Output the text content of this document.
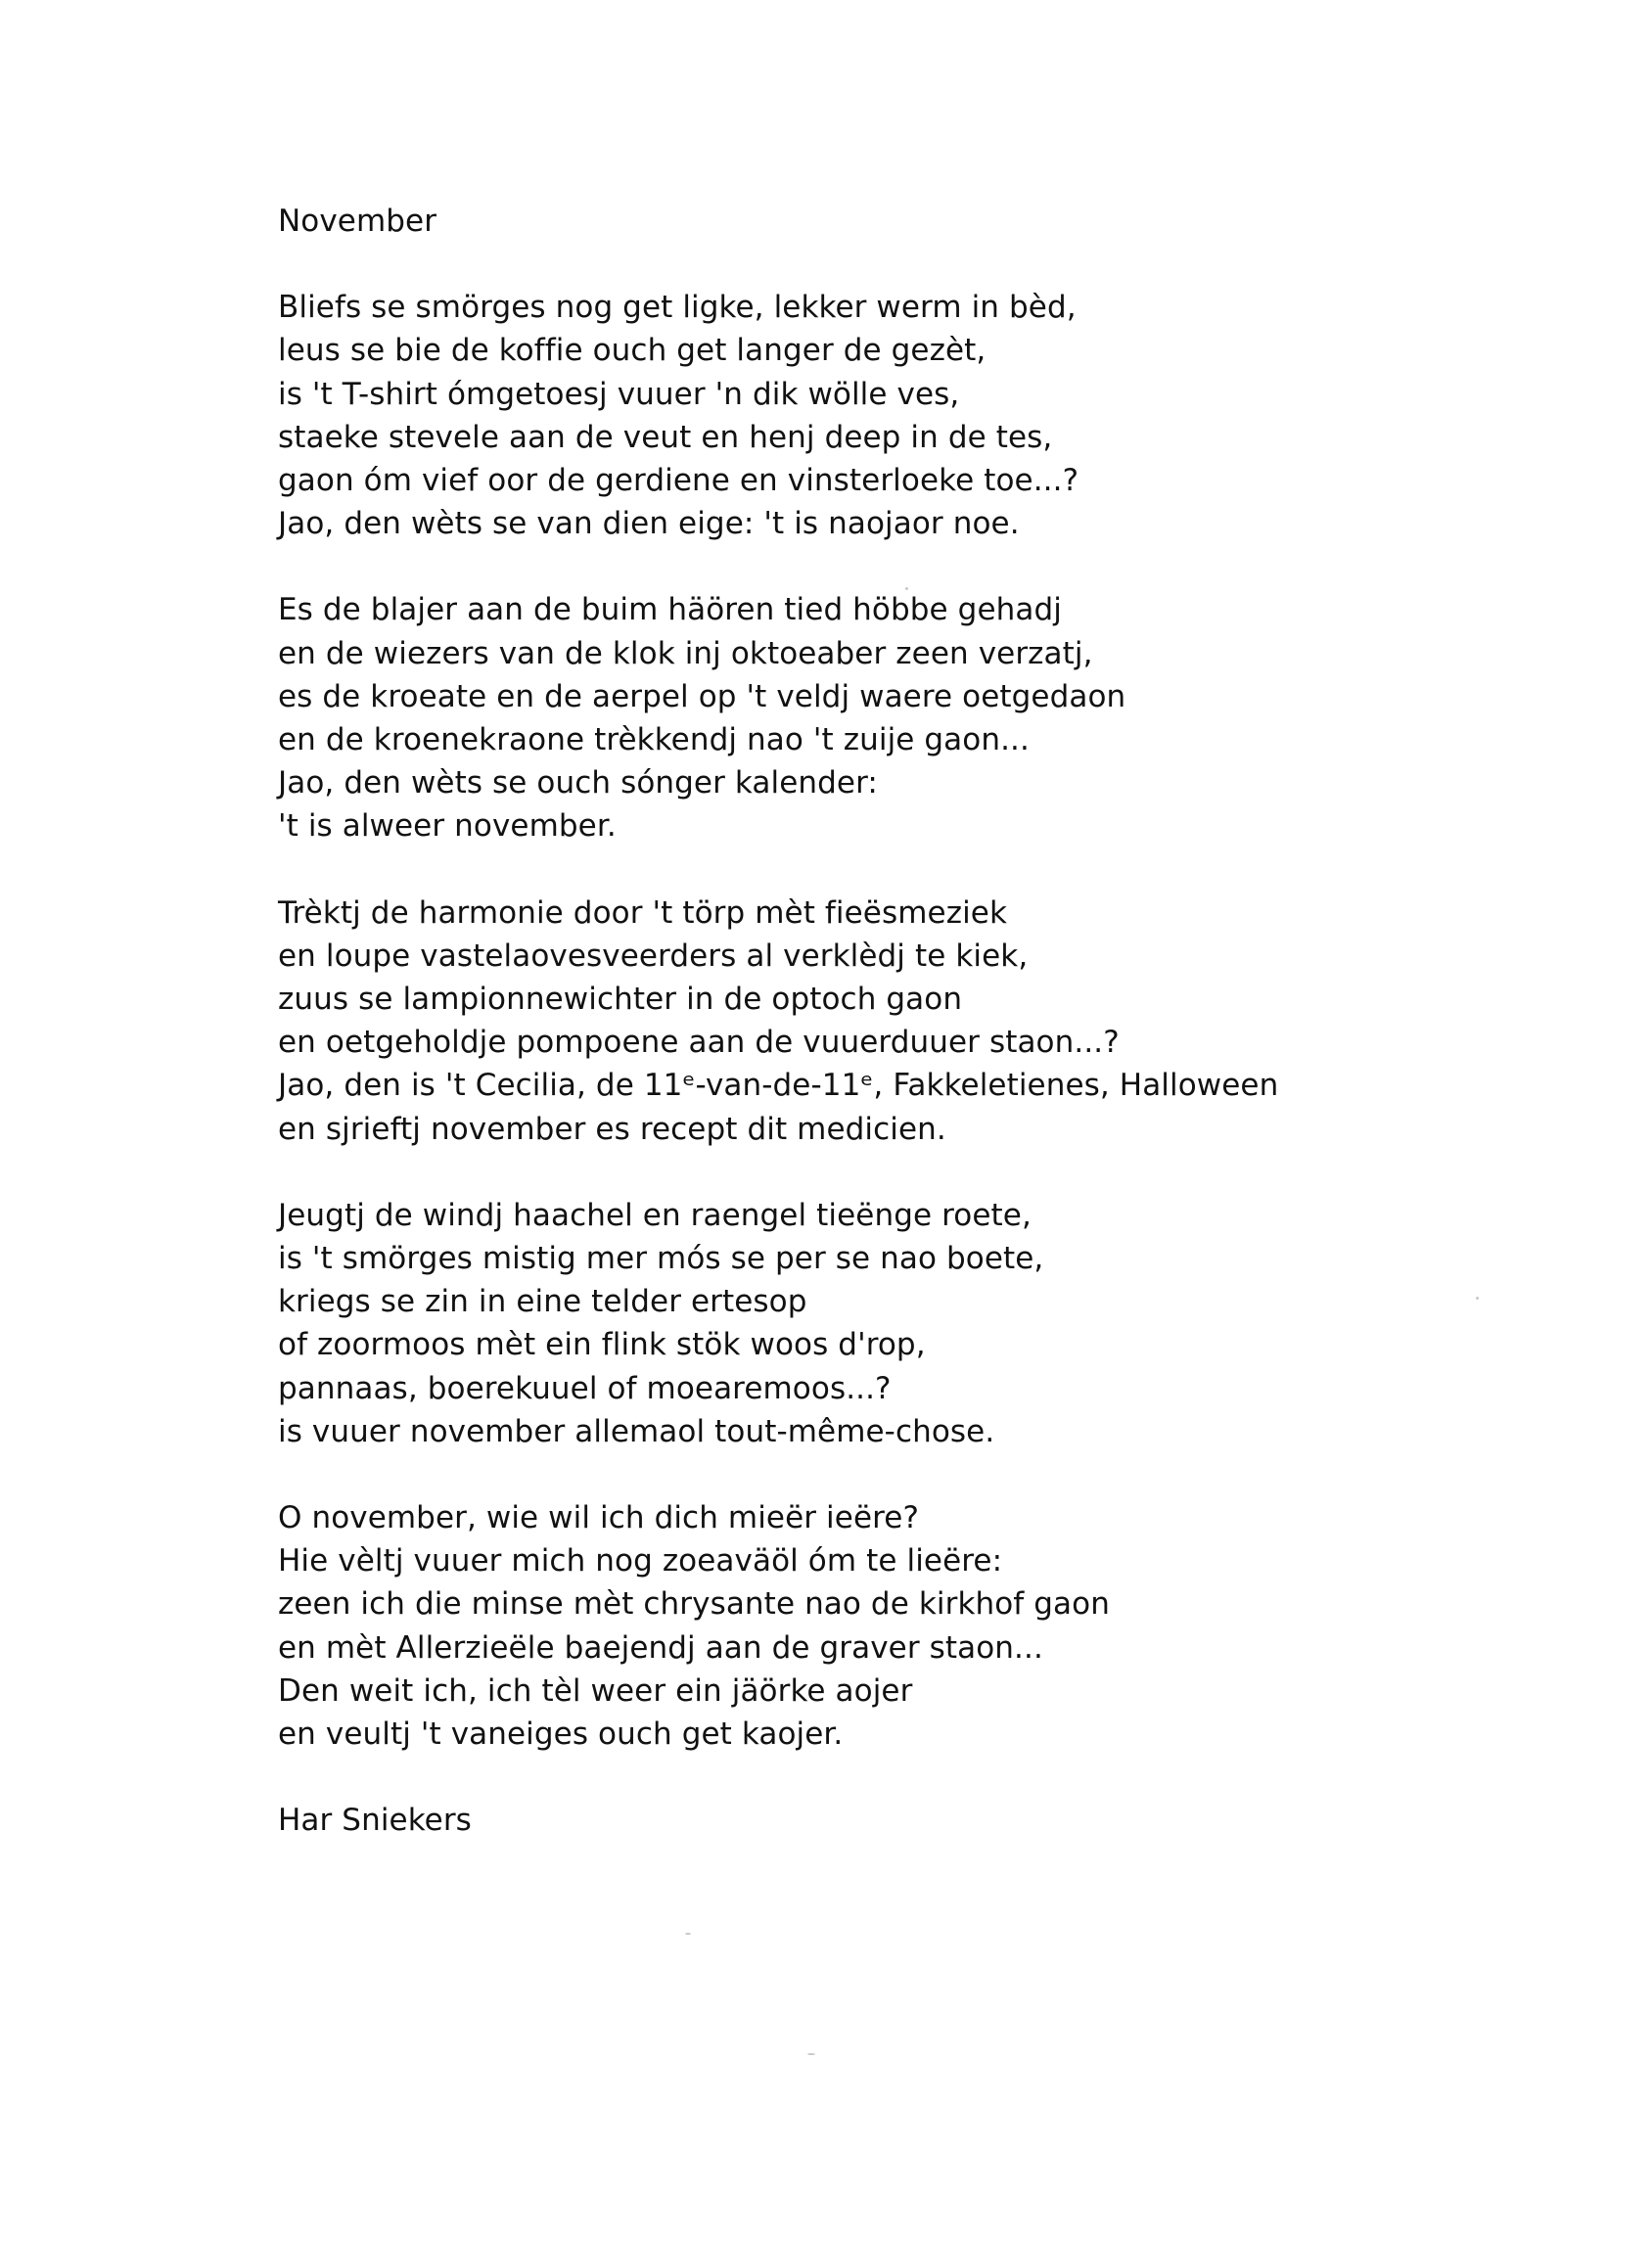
November
Bliefs se smörges nog get ligke, lekker werm in bèd,
leus se bie de koffie ouch get langer de gezèt,
is 't T-shirt ómgetoesj vuuer 'n dik wölle ves,
staeke stevele aan de veut en henj deep in de tes,
gaon óm vief oor de gerdiene en vinsterloeke toe...?
Jao, den wèts se van dien eige: 't is naojaor noe.
Es de blajer aan de buim häören tied höbbe gehadj
en de wiezers van de klok inj oktoeaber zeen verzatj,
es de kroeate en de aerpel op 't veldj waere oetgedaon
en de kroenekraone trèkkendj nao 't zuije gaon...
Jao, den wèts se ouch sónger kalender:
't is alweer november.
Trèktj de harmonie door 't törp mèt fieësmeziek
en loupe vastelaovesveerders al verklèdj te kiek,
zuus se lampionnewichter in de optoch gaon
en oetgeholdje pompoene aan de vuuerduuer staon...?
Jao, den is 't Cecilia, de 11ᵉ-van-de-11ᵉ, Fakkeletienes, Halloween
en sjrieftj november es recept dit medicien.
Jeugtj de windj haachel en raengel tieënge roete,
is 't smörges mistig mer mós se per se nao boete,
kriegs se zin in eine telder ertesop
of zoormoos mèt ein flink stök woos d'rop,
pannaas, boerekuuel of moearemoos...?
is vuuer november allemaol tout-même-chose.
O november, wie wil ich dich mieër ieëre?
Hie vèltj vuuer mich nog zoeaväöl óm te lieëre:
zeen ich die minse mèt chrysante nao de kirkhof gaon
en mèt Allerzieële baejendj aan de graver staon...
Den weit ich, ich tèl weer ein jäörke aojer
en veultj 't vaneiges ouch get kaojer.
Har Sniekers
